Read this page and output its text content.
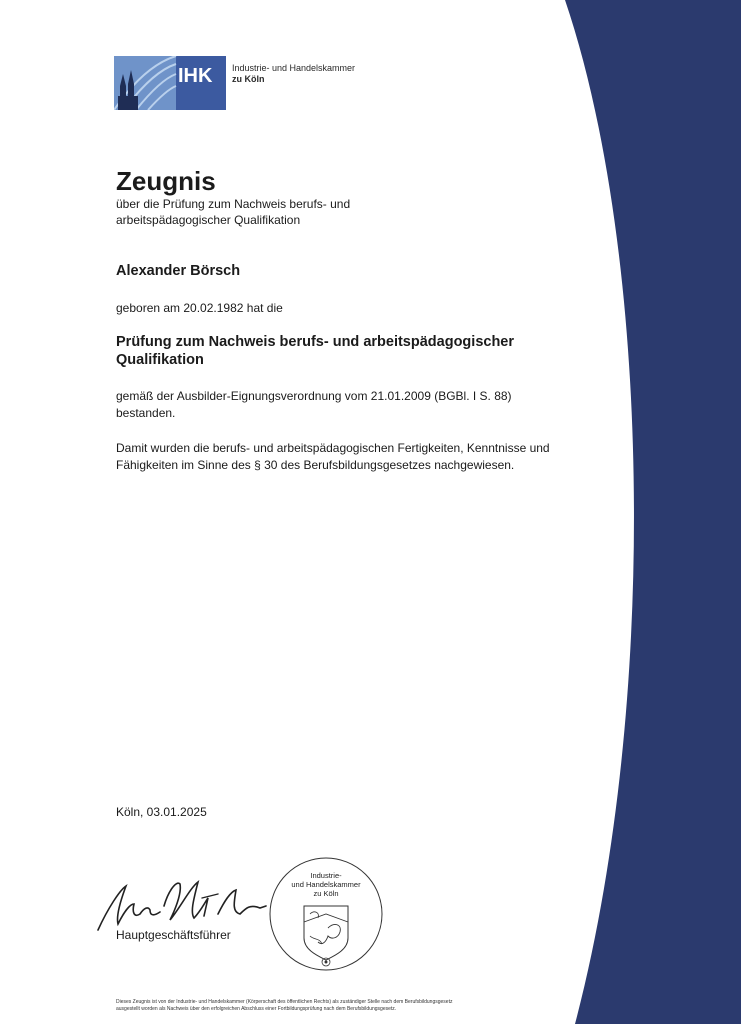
IHK Industrie- und Handelskammer
zu Köln
Zeugnis
über die Prüfung zum Nachweis berufs- und arbeitspädagogischer Qualifikation
Alexander Börsch
geboren am 20.02.1982 hat die
Prüfung zum Nachweis berufs- und arbeitspädagogischer Qualifikation
gemäß der Ausbilder-Eignungsverordnung vom 21.01.2009 (BGBl. I S. 88) bestanden.
Damit wurden die berufs- und arbeitspädagogischen Fertigkeiten, Kenntnisse und Fähigkeiten im Sinne des § 30 des Berufsbildungsgesetzes nachgewiesen.
Köln, 03.01.2025
Hauptgeschäftsführer
Industrie-
und Handelskammer
zu Köln
Dieses Zeugnis ist von der Industrie- und Handelskammer (Körperschaft des öffentlichen Rechts) als zuständiger Stelle nach dem Berufsbildungsgesetz
ausgestellt worden als Nachweis über den erfolgreichen Abschluss einer Fortbildungsprüfung nach dem Berufsbildungsgesetz.
